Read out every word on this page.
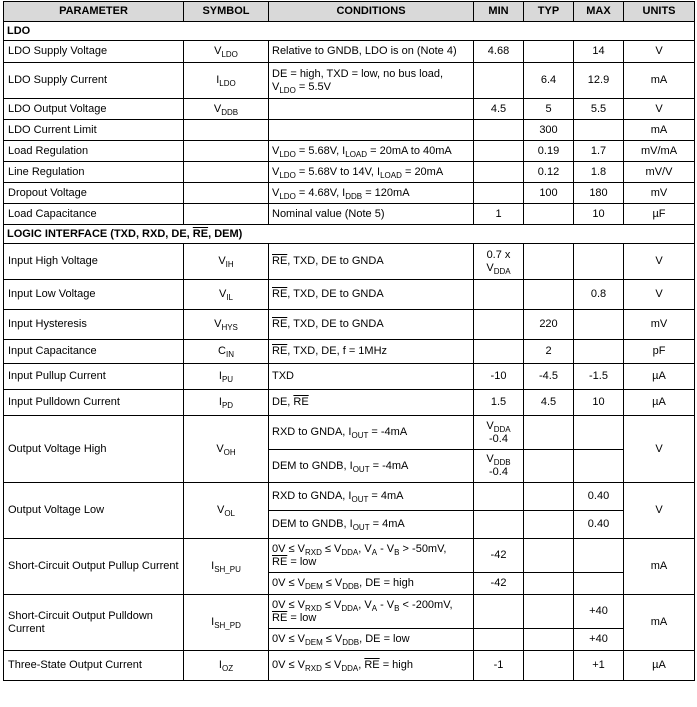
PARAMETER	SYMBOL	CONDITIONS	MIN	TYP	MAX	UNITS
LDO						
LDO Supply Voltage	$V_{LDO}$	Relative to GNDB, LDO is on (Note 4)	4.68		14	V
LDO Supply Current	$I_{LDO}$	DE = high, TXD = low, no bus load,
$V_{LDO} = 5.5V$		6.4	12.9	mA
LDO Output Voltage	$V_{DDB}$		4.5	5	5.5	V
LDO Current Limit				300		mA
Load Regulation		$V_{LDO} = 5.68V$, $I_{LOAD} = 20mA$ to 40mA		0.19	1.7	mV/mA
Line Regulation		$V_{LDO} = 5.68V$ to 14V, $I_{LOAD} = 20mA$		0.12	1.8	mV/V
Dropout Voltage		$V_{LDO} = 4.68V$, $I_{DDB} = 120mA$		100	180	mV
Load Capacitance		Nominal value (Note 5)	1		10	µF
LOGIC INTERFACE (TXD, RXD, DE, $\overline{RE}$, DEM)						
Input High Voltage	$V_{IH}$	$\overline{RE}$, TXD, DE to GNDA	0.7 x
$V_{DDA}$			V
Input Low Voltage	$V_{IL}$	$\overline{RE}$, TXD, DE to GNDA			0.8	V
Input Hysteresis	$V_{HYS}$	$\overline{RE}$, TXD, DE to GNDA		220		mV
Input Capacitance	$C_{IN}$	$\overline{RE}$, TXD, DE, f = 1MHz		2		pF
Input Pullup Current	$I_{PU}$	TXD	-10	-4.5	-1.5	µA
Input Pulldown Current	$I_{PD}$	DE, $\overline{RE}$	1.5	4.5	10	µA
Output Voltage High	$V_{OH}$	RXD to GNDA, $I_{OUT} = -4mA$	$V_{DDA}$
-0.4			V
		DEM to GNDB, $I_{OUT} = -4mA$	$V_{DDB}$
-0.4			
Output Voltage Low	$V_{OL}$	RXD to GNDA, $I_{OUT} = 4mA$			0.40	V
		DEM to GNDB, $I_{OUT} = 4mA$			0.40	
Short-Circuit Output Pullup Current	$I_{SH\_PU}$	$0V \le V_{RXD} \le V_{DDA}$, $V_A - V_B > -50mV$,
$\overline{RE}$ = low	-42			mA
		$0V \le V_{DEM} \le V_{DDB}$, DE = high	-42			
Short-Circuit Output Pulldown Current	$I_{SH\_PD}$	$0V \le V_{RXD} \le V_{DDA}$, $V_A - V_B < -200mV$,
$\overline{RE}$ = low			+40	mA
		$0V \le V_{DEM} \le V_{DDB}$, DE = low			+40	
Three-State Output Current	$I_{OZ}$	$0V \le V_{RXD} \le V_{DDA}$, $\overline{RE}$ = high	-1		+1	µA
